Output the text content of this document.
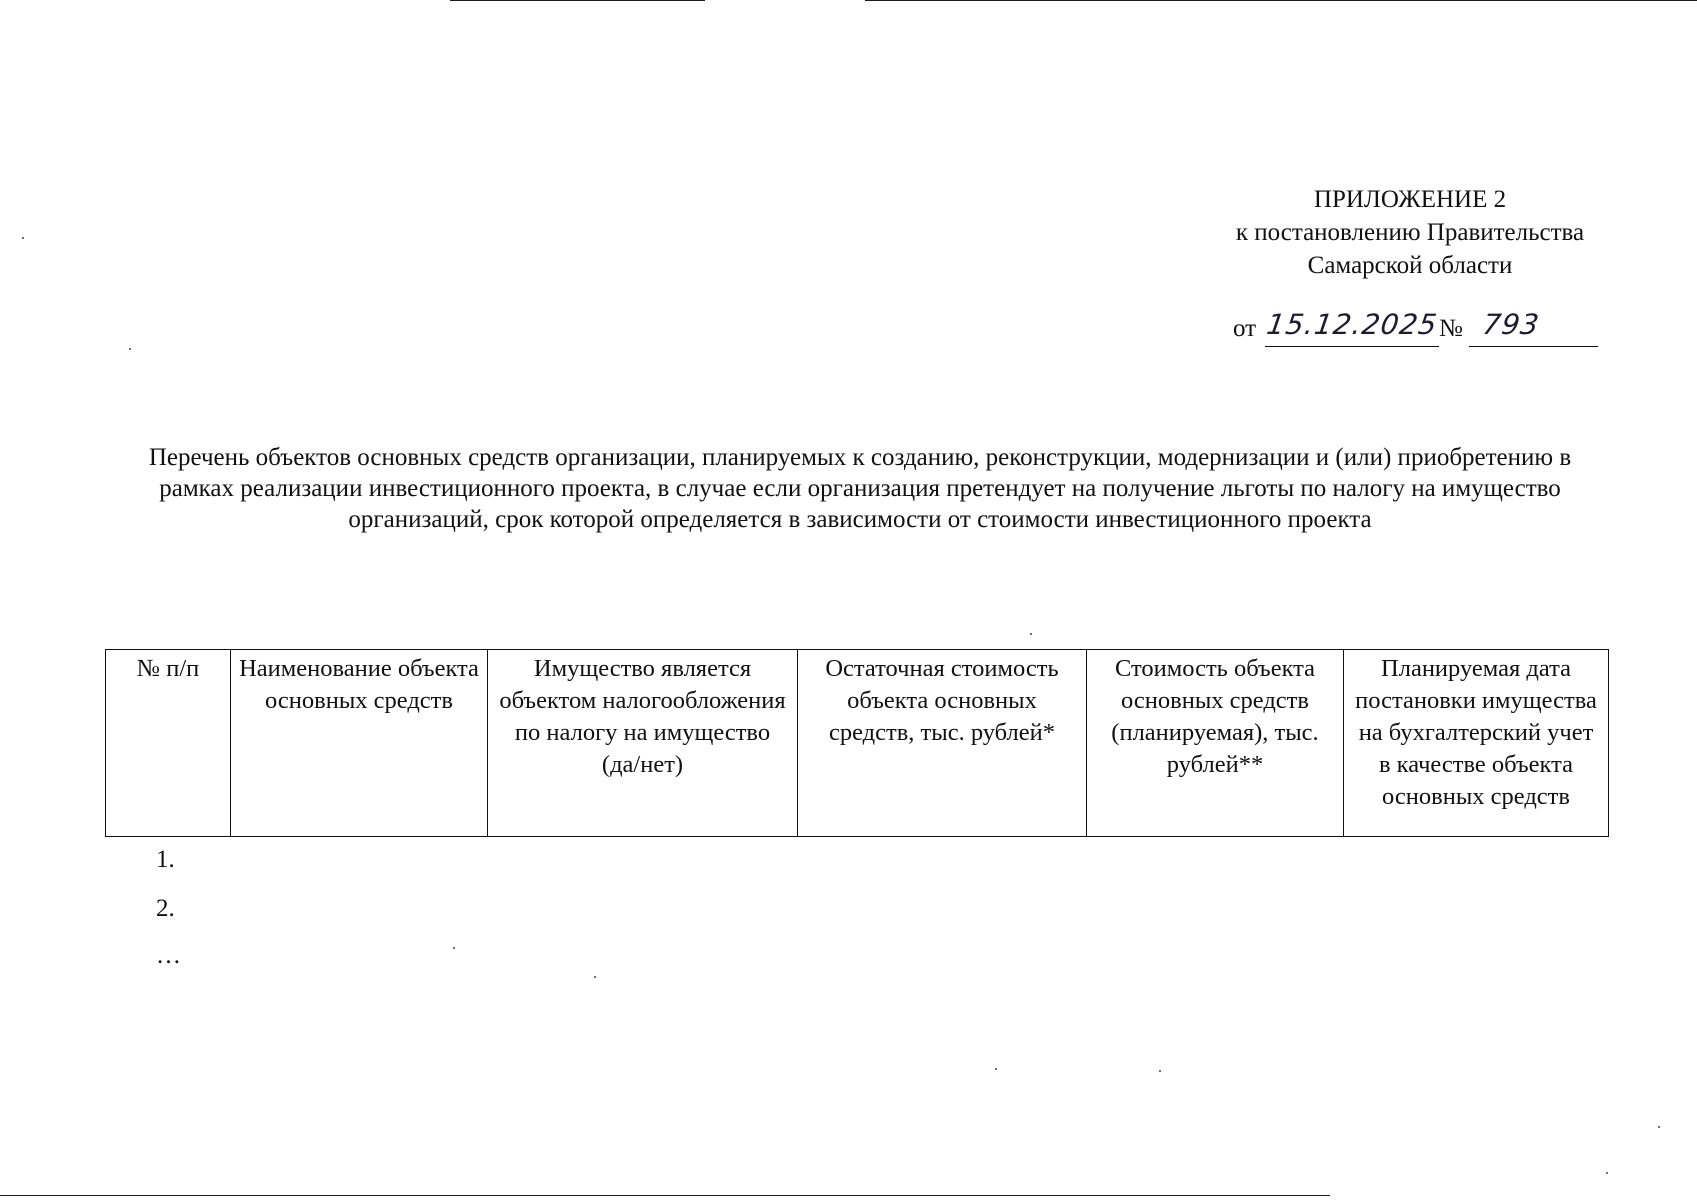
ПРИЛОЖЕНИЕ 2
к постановлению Правительства
Самарской области
от 15.12.2025 № 793
Перечень объектов основных средств организации, планируемых к созданию, реконструкции, модернизации и (или) приобретению в рамках реализации инвестиционного проекта, в случае если организация претендует на получение льготы по налогу на имущество организаций, срок которой определяется в зависимости от стоимости инвестиционного проекта
№ п/п	Наименование объекта основных средств	Имущество является объектом налогообложения по налогу на имущество (да/нет)	Остаточная стоимость объекта основных средств, тыс. рублей*	Стоимость объекта основных средств (планируемая), тыс. рублей**	Планируемая дата постановки имущества на бухгалтерский учет в качестве объекта основных средств
1.
2.
…
